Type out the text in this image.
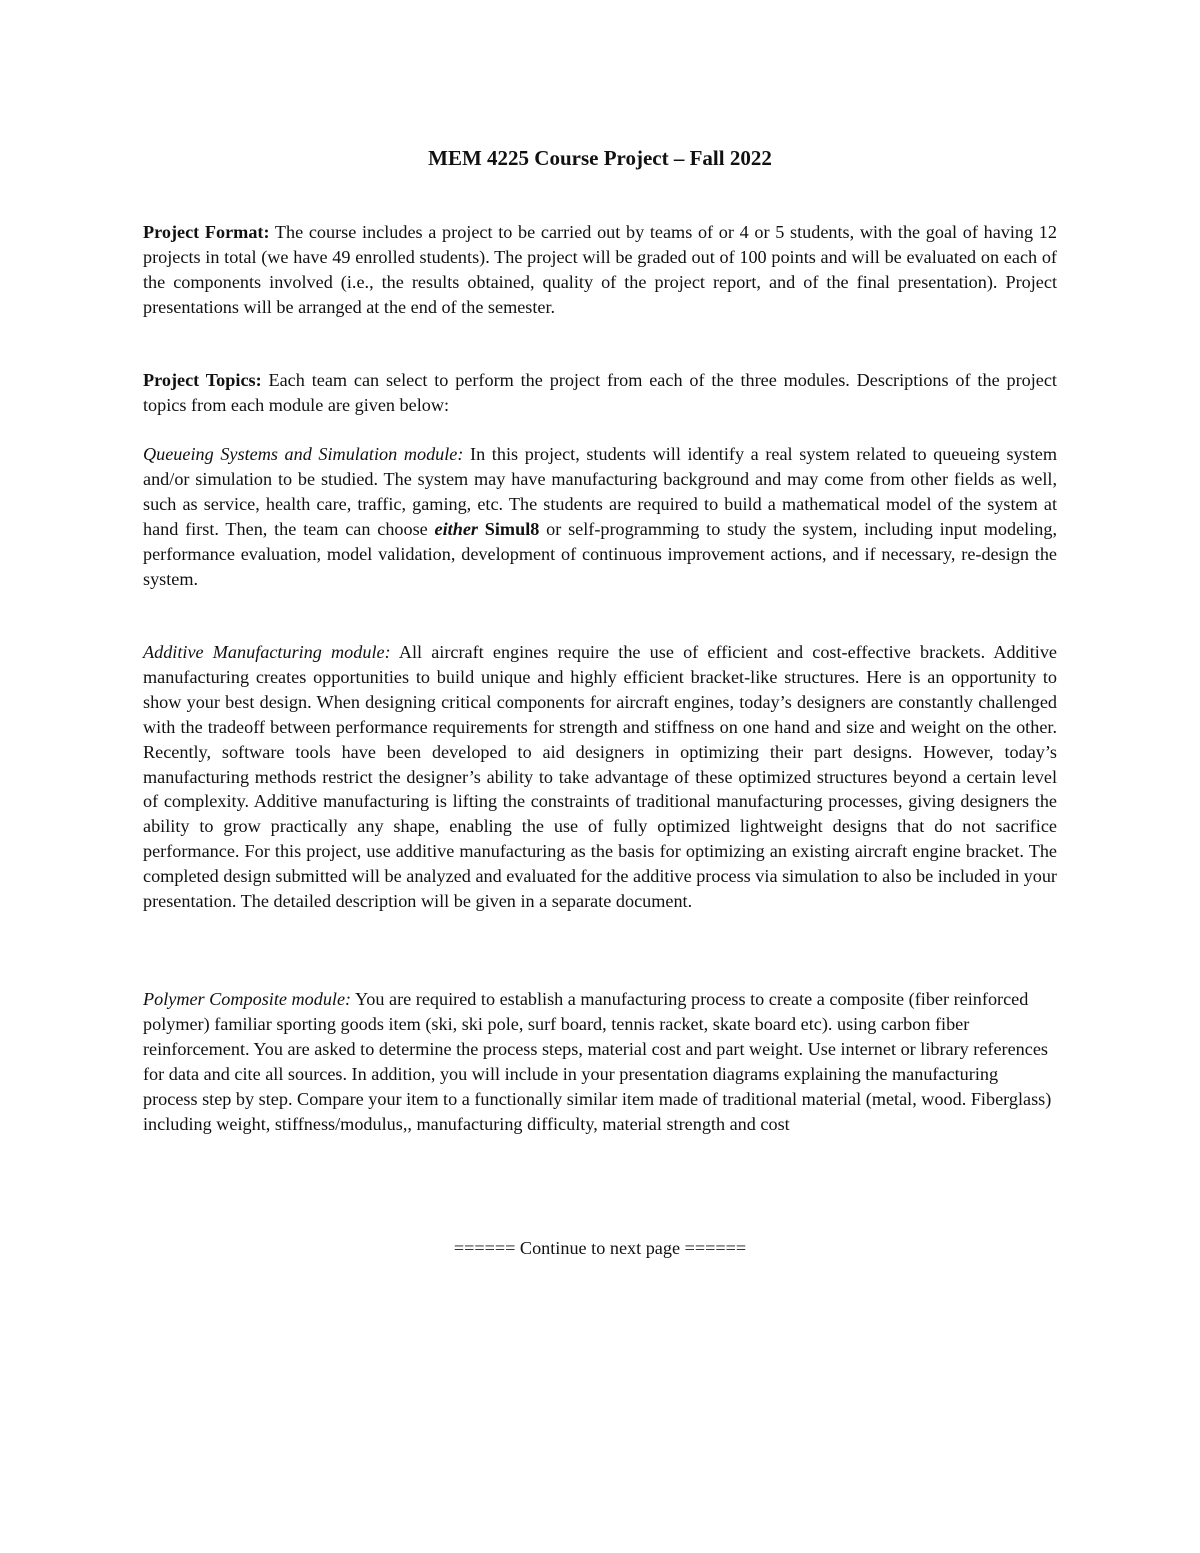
MEM 4225 Course Project – Fall 2022
Project Format: The course includes a project to be carried out by teams of or 4 or 5 students, with the goal of having 12 projects in total (we have 49 enrolled students). The project will be graded out of 100 points and will be evaluated on each of the components involved (i.e., the results obtained, quality of the project report, and of the final presentation). Project presentations will be arranged at the end of the semester.
Project Topics: Each team can select to perform the project from each of the three modules. Descriptions of the project topics from each module are given below:
Queueing Systems and Simulation module: In this project, students will identify a real system related to queueing system and/or simulation to be studied. The system may have manufacturing background and may come from other fields as well, such as service, health care, traffic, gaming, etc. The students are required to build a mathematical model of the system at hand first. Then, the team can choose either Simul8 or self-programming to study the system, including input modeling, performance evaluation, model validation, development of continuous improvement actions, and if necessary, re-design the system.
Additive Manufacturing module: All aircraft engines require the use of efficient and cost-effective brackets. Additive manufacturing creates opportunities to build unique and highly efficient bracket-like structures. Here is an opportunity to show your best design. When designing critical components for aircraft engines, today’s designers are constantly challenged with the tradeoff between performance requirements for strength and stiffness on one hand and size and weight on the other. Recently, software tools have been developed to aid designers in optimizing their part designs. However, today’s manufacturing methods restrict the designer’s ability to take advantage of these optimized structures beyond a certain level of complexity. Additive manufacturing is lifting the constraints of traditional manufacturing processes, giving designers the ability to grow practically any shape, enabling the use of fully optimized lightweight designs that do not sacrifice performance. For this project, use additive manufacturing as the basis for optimizing an existing aircraft engine bracket. The completed design submitted will be analyzed and evaluated for the additive process via simulation to also be included in your presentation. The detailed description will be given in a separate document.
Polymer Composite module: You are required to establish a manufacturing process to create a composite (fiber reinforced polymer) familiar sporting goods item (ski, ski pole, surf board, tennis racket, skate board etc). using carbon fiber reinforcement. You are asked to determine the process steps, material cost and part weight. Use internet or library references for data and cite all sources. In addition, you will include in your presentation diagrams explaining the manufacturing process step by step. Compare your item to a functionally similar item made of traditional material (metal, wood. Fiberglass) including weight, stiffness/modulus,, manufacturing difficulty, material strength and cost
====== Continue to next page ======
